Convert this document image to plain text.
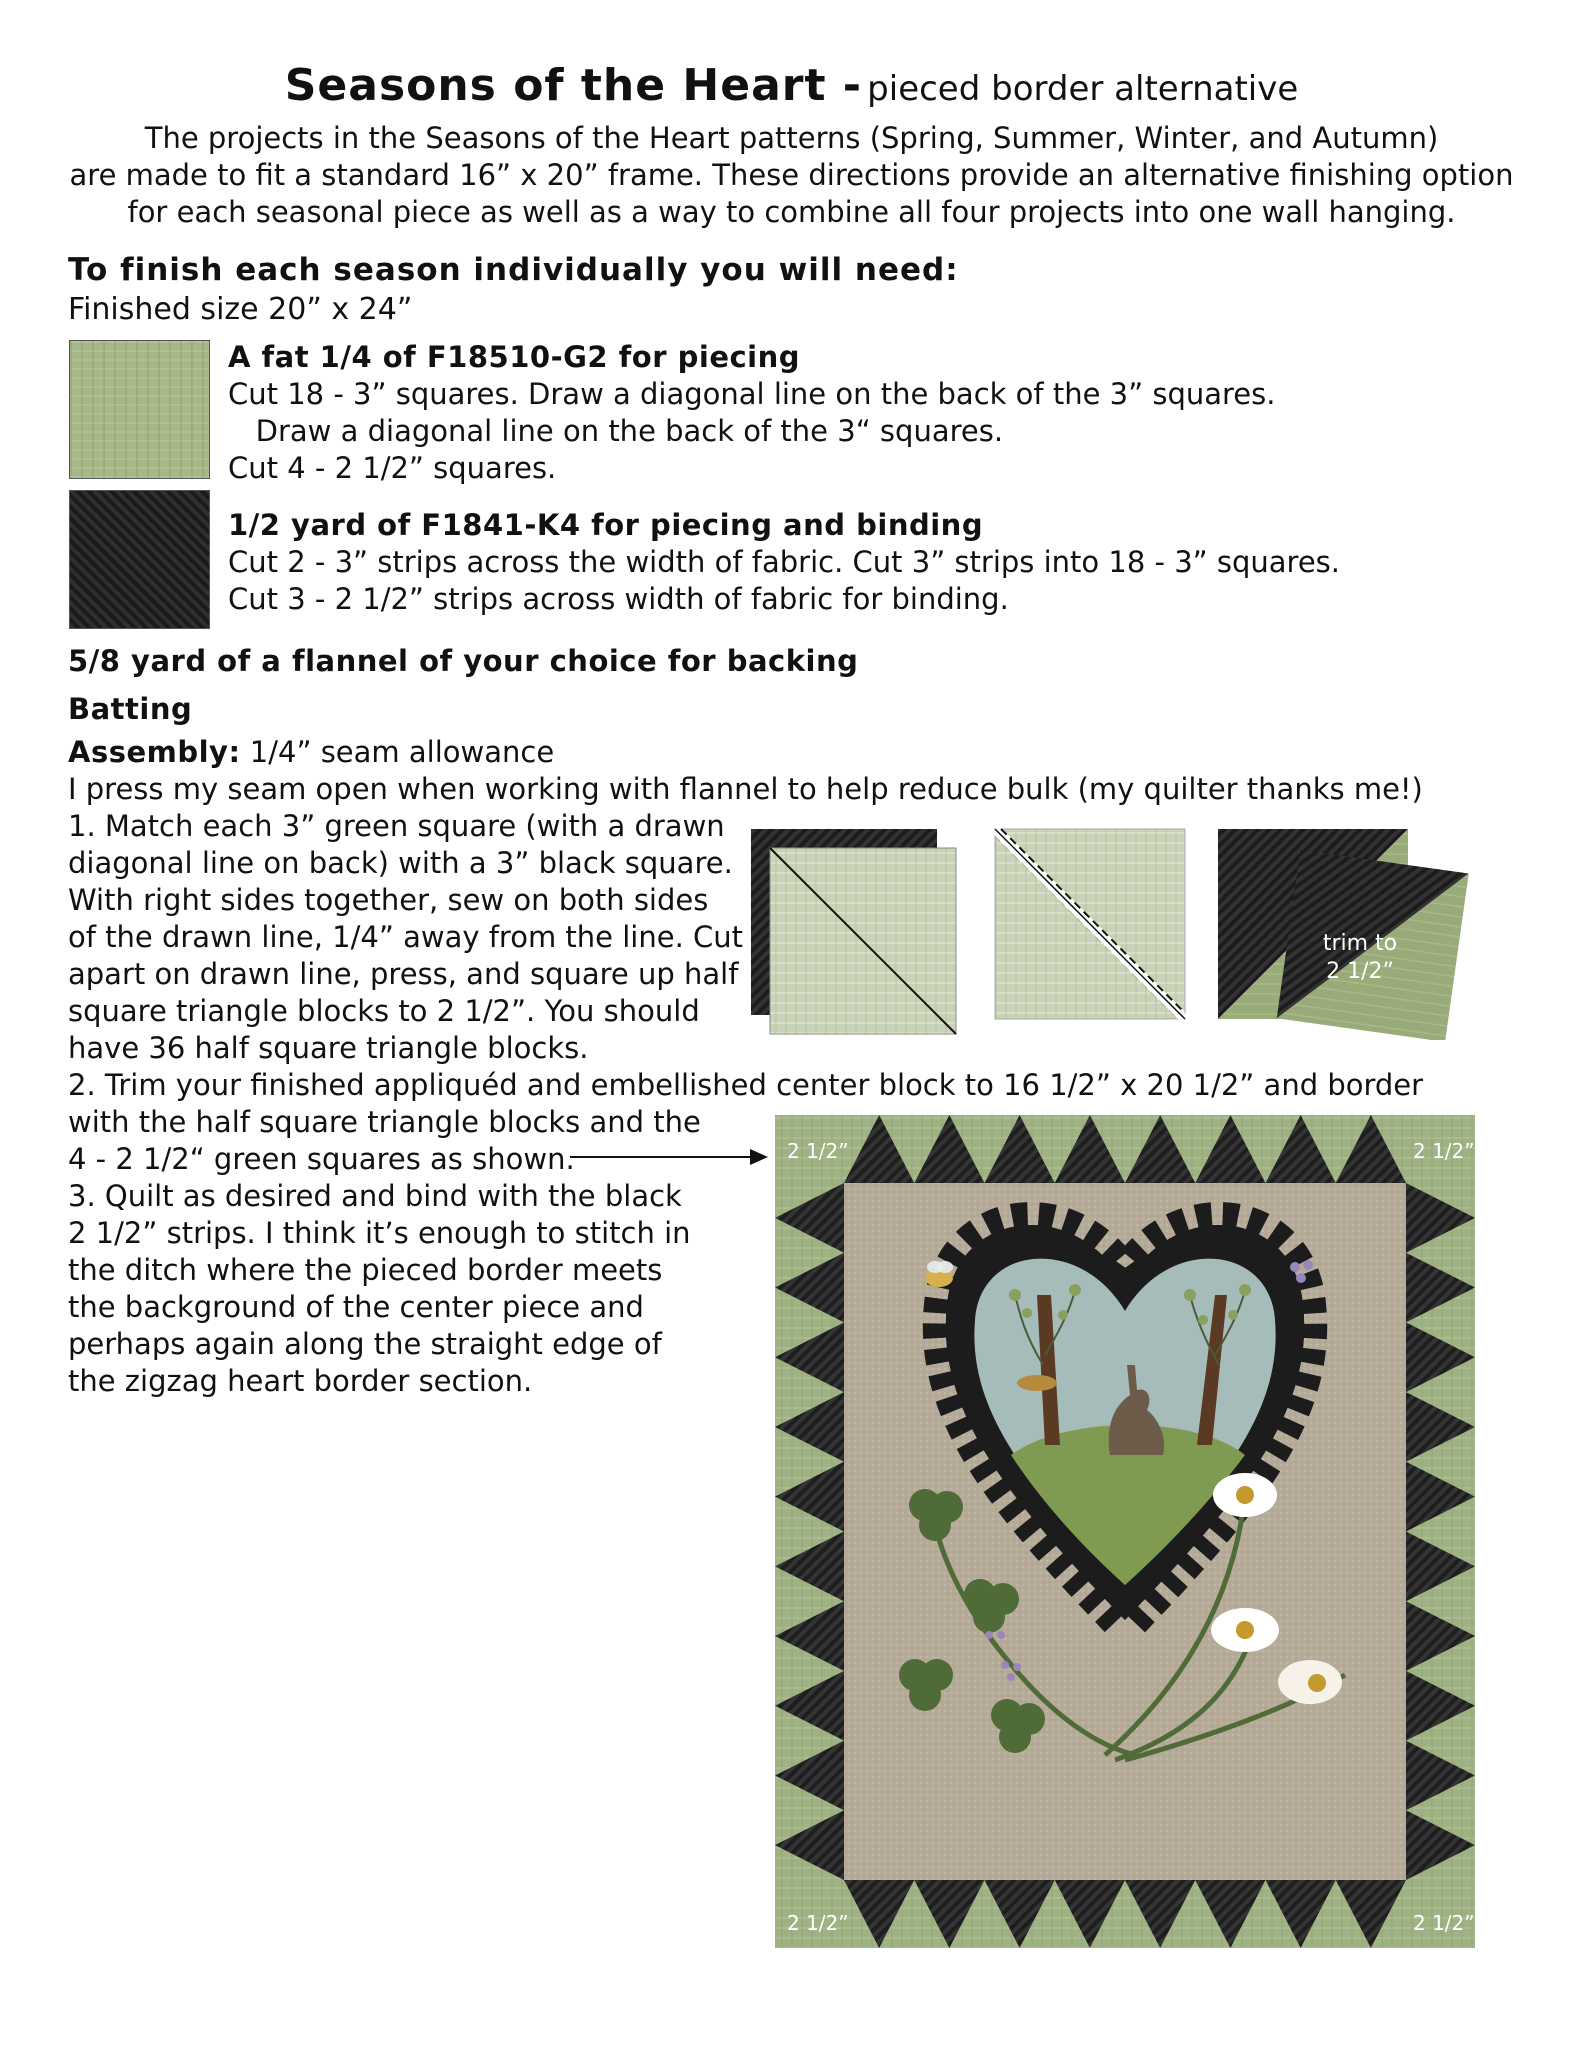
Seasons of the Heart - pieced border alternative
The projects in the Seasons of the Heart patterns (Spring, Summer, Winter, and Autumn)
are made to fit a standard 16” x 20” frame. These directions provide an alternative finishing option
for each seasonal piece as well as a way to combine all four projects into one wall hanging.
To finish each season individually you will need:
Finished size 20” x 24”
A fat 1/4 of F18510-G2 for piecing
Cut 18 - 3” squares. Draw a diagonal line on the back of the 3” squares.
Draw a diagonal line on the back of the 3“ squares.
Cut 4 - 2 1/2” squares.
1/2 yard of F1841-K4 for piecing and binding
Cut 2 - 3” strips across the width of fabric. Cut 3” strips into 18 - 3” squares.
Cut 3 - 2 1/2” strips across width of fabric for binding.
5/8 yard of a flannel of your choice for backing
Batting
Assembly: 1/4” seam allowance
I press my seam open when working with flannel to help reduce bulk (my quilter thanks me!)
1. Match each 3” green square (with a drawn
diagonal line on back) with a 3” black square.
With right sides together, sew on both sides
of the drawn line, 1/4” away from the line. Cut
apart on drawn line, press, and square up half
square triangle blocks to 2 1/2”. You should
have 36 half square triangle blocks.
2. Trim your finished appliquéd and embellished center block to 16 1/2” x 20 1/2” and border
with the half square triangle blocks and the
4 - 2 1/2“ green squares as shown.
3. Quilt as desired and bind with the black
2 1/2” strips. I think it’s enough to stitch in
the ditch where the pieced border meets
the background of the center piece and
perhaps again along the straight edge of
the zigzag heart border section.
trim to
2 1/2”
2 1/2”	2 1/2”
2 1/2”	2 1/2”
